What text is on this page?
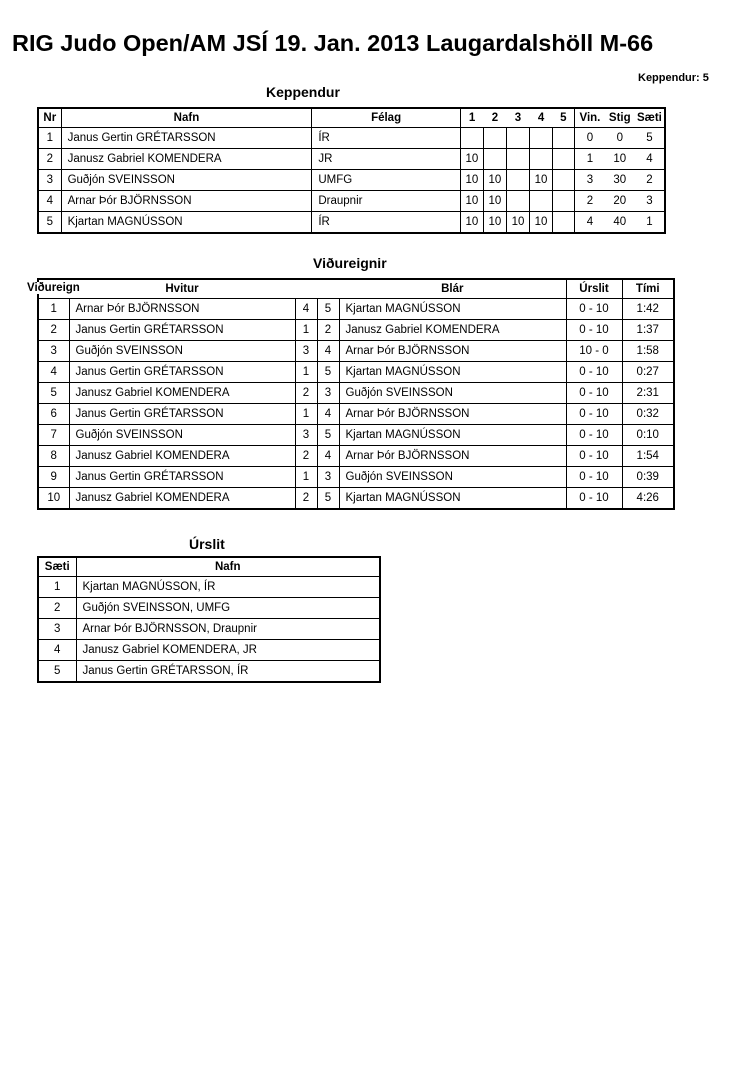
RIG Judo Open/AM JSÍ 19. Jan. 2013 Laugardalshöll M-66
Keppendur: 5
Keppendur
Nr	Nafn	Félag	1	2	3	4	5	Vin.	Stig	Sæti
1	Janus Gertin GRÉTARSSON	ÍR						0	0	5
2	Janusz Gabriel KOMENDERA	JR	10					1	10	4
3	Guðjón SVEINSSON	UMFG	10	10		10		3	30	2
4	Arnar Þór BJÖRNSSON	Draupnir	10	10				2	20	3
5	Kjartan MAGNÚSSON	ÍR	10	10	10	10		4	40	1
Viðureignir
Viðureign
		Hvitur			Blár	Úrslit	Tími
1	Arnar Þór BJÖRNSSON	4	5	Kjartan MAGNÚSSON	0 - 10	1:42
2	Janus Gertin GRÉTARSSON	1	2	Janusz Gabriel KOMENDERA	0 - 10	1:37
3	Guðjón SVEINSSON	3	4	Arnar Þór BJÖRNSSON	10 - 0	1:58
4	Janus Gertin GRÉTARSSON	1	5	Kjartan MAGNÚSSON	0 - 10	0:27
5	Janusz Gabriel KOMENDERA	2	3	Guðjón SVEINSSON	0 - 10	2:31
6	Janus Gertin GRÉTARSSON	1	4	Arnar Þór BJÖRNSSON	0 - 10	0:32
7	Guðjón SVEINSSON	3	5	Kjartan MAGNÚSSON	0 - 10	0:10
8	Janusz Gabriel KOMENDERA	2	4	Arnar Þór BJÖRNSSON	0 - 10	1:54
9	Janus Gertin GRÉTARSSON	1	3	Guðjón SVEINSSON	0 - 10	0:39
10	Janusz Gabriel KOMENDERA	2	5	Kjartan MAGNÚSSON	0 - 10	4:26
Úrslit
Sæti	Nafn
1	Kjartan MAGNÚSSON, ÍR
2	Guðjón SVEINSSON, UMFG
3	Arnar Þór BJÖRNSSON, Draupnir
4	Janusz Gabriel KOMENDERA, JR
5	Janus Gertin GRÉTARSSON, ÍR
